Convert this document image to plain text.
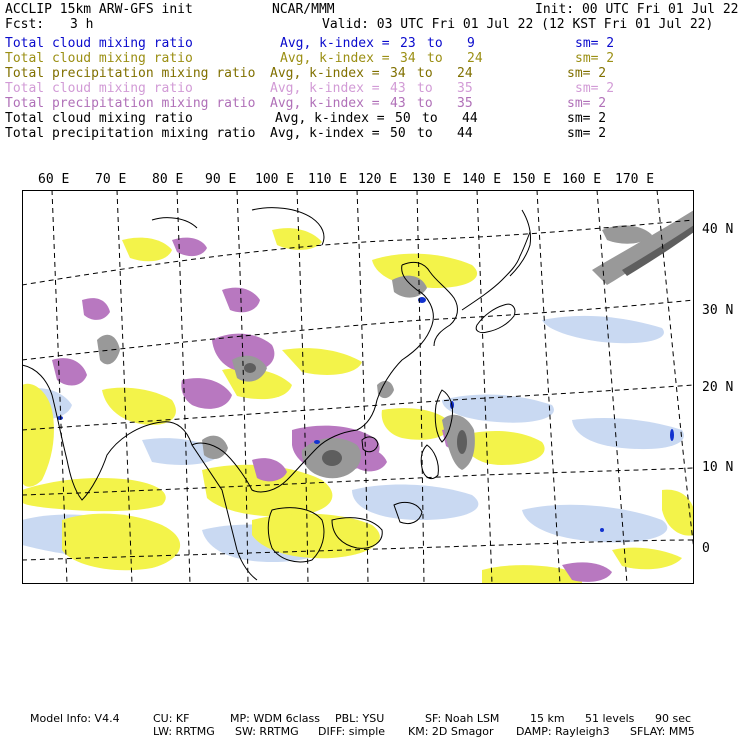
ACCLIP 15km ARW-GFS init	NCAR/MMM	Init: 00 UTC Fri 01 Jul 22
Fcst: 3 h	Valid: 03 UTC Fri 01 Jul 22 (12 KST Fri 01 Jul 22)
Total cloud mixing ratio	Avg, k-index = 23 to 9	sm= 2
Total cloud mixing ratio	Avg, k-index = 34 to 24	sm= 2
Total precipitation mixing ratio Avg, k-index = 34 to 24	sm= 2
Total cloud mixing ratio	Avg, k-index = 43 to 35	sm= 2
Total precipitation mixing ratio Avg, k-index = 43 to 35	sm= 2
Total cloud mixing ratio	Avg, k-index = 50 to 44	sm= 2
Total precipitation mixing ratio Avg, k-index = 50 to 44	sm= 2
60 E 70 E 80 E 90 E 100 E 110 E 120 E 130 E 140 E 150 E 160 E 170 E
40 N
30 N
20 N
10 N
0
Model Info: V4.4	CU: KF	MP: WDM 6class PBL: YSU	SF: Noah LSM	15 km 51 levels 90 sec
LW: RRTMG SW: RRTMG DIFF: simple KM: 2D Smagor DAMP: Rayleigh3 SFLAY: MM5
